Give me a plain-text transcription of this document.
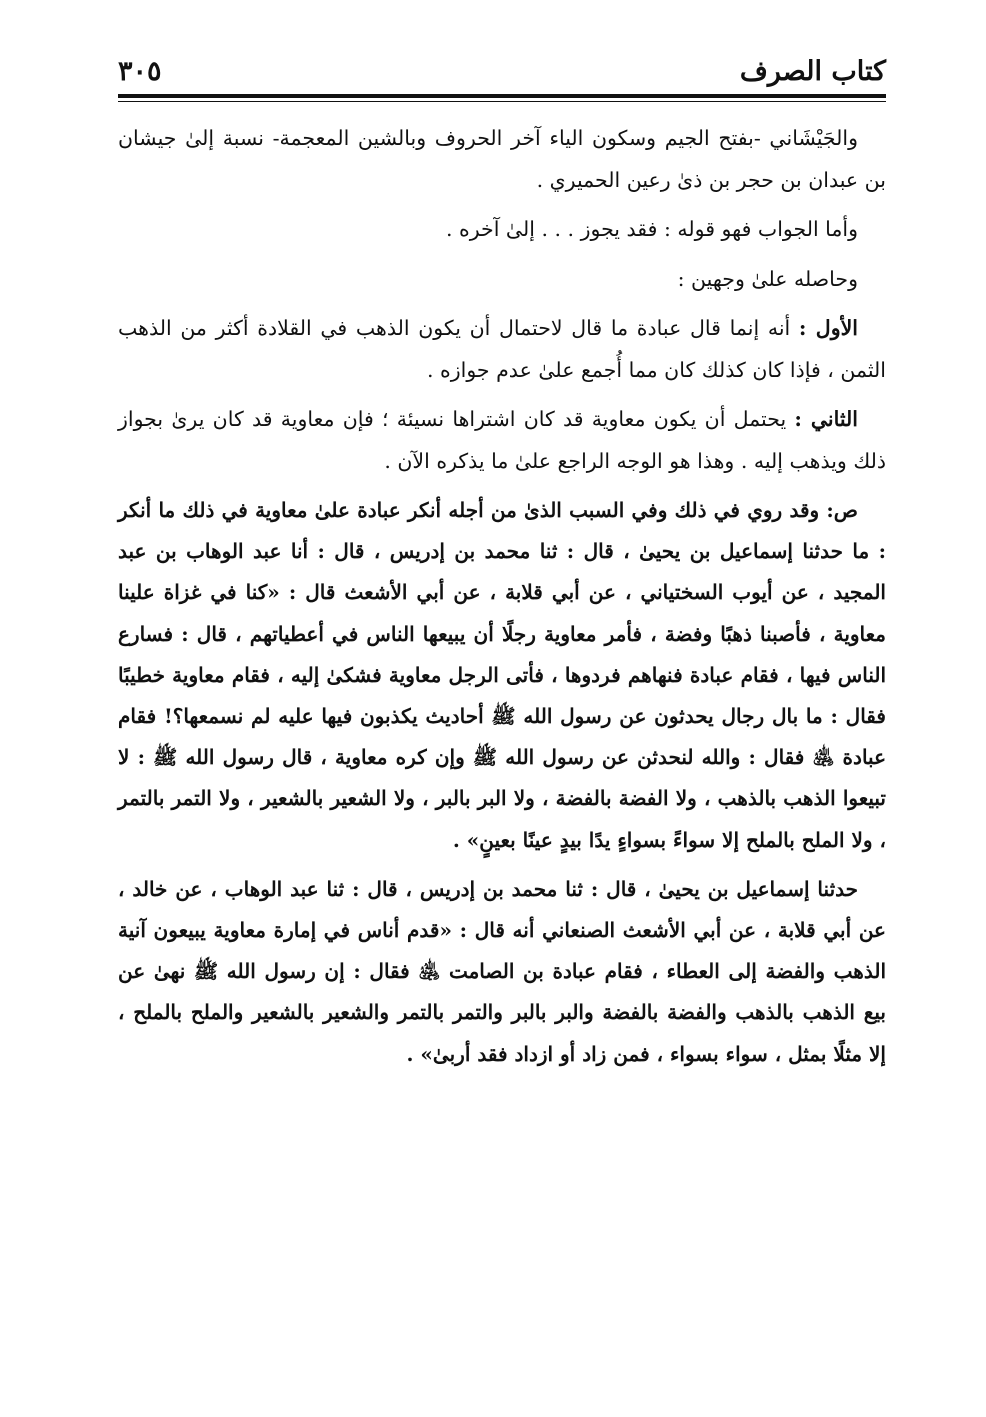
كتاب الصرف
٣٠٥

والجَيْشَاني -بفتح الجيم وسكون الياء آخر الحروف وبالشين المعجمة- نسبة إلىٰ جيشان بن عبدان بن حجر بن ذىٰ رعين الحميري .

وأما الجواب فهو قوله : فقد يجوز . . . إلىٰ آخره .

وحاصله علىٰ وجهين :

الأول : أنه إنما قال عبادة ما قال لاحتمال أن يكون الذهب في القلادة أكثر من الذهب الثمن ، فإذا كان كذلك كان مما أُجمع علىٰ عدم جوازه .

الثاني : يحتمل أن يكون معاوية قد كان اشتراها نسيئة ؛ فإن معاوية قد كان يرىٰ بجواز ذلك ويذهب إليه . وهذا هو الوجه الراجع علىٰ ما يذكره الآن .

ص: وقد روي في ذلك وفي السبب الذىٰ من أجله أنكر عبادة علىٰ معاوية في ذلك ما أنكر : ما حدثنا إسماعيل بن يحيىٰ ، قال : ثنا محمد بن إدريس ، قال : أنا عبد الوهاب بن عبد المجيد ، عن أيوب السختياني ، عن أبي قلابة ، عن أبي الأشعث قال : «كنا في غزاة علينا معاوية ، فأصبنا ذهبًا وفضة ، فأمر معاوية رجلًا أن يبيعها الناس في أعطياتهم ، قال : فسارع الناس فيها ، فقام عبادة فنهاهم فردوها ، فأتى الرجل معاوية فشكىٰ إليه ، فقام معاوية خطيبًا فقال : ما بال رجال يحدثون عن رسول الله ﷺ أحاديث يكذبون فيها عليه لم نسمعها؟! فقام عبادة ﵁ فقال : والله لنحدثن عن رسول الله ﷺ وإن كره معاوية ، قال رسول الله ﷺ : لا تبيعوا الذهب بالذهب ، ولا الفضة بالفضة ، ولا البر بالبر ، ولا الشعير بالشعير ، ولا التمر بالتمر ، ولا الملح بالملح إلا سواءً بسواءٍ يدًا بيدٍ عينًا بعينٍ» .

حدثنا إسماعيل بن يحيىٰ ، قال : ثنا محمد بن إدريس ، قال : ثنا عبد الوهاب ، عن خالد ، عن أبي قلابة ، عن أبي الأشعث الصنعاني أنه قال : «قدم أناس في إمارة معاوية يبيعون آنية الذهب والفضة إلى العطاء ، فقام عبادة بن الصامت ﵁ فقال : إن رسول الله ﷺ نهىٰ عن بيع الذهب بالذهب والفضة بالفضة والبر بالبر والتمر بالتمر والشعير بالشعير والملح بالملح ، إلا مثلًا بمثل ، سواء بسواء ، فمن زاد أو ازداد فقد أربىٰ» .
